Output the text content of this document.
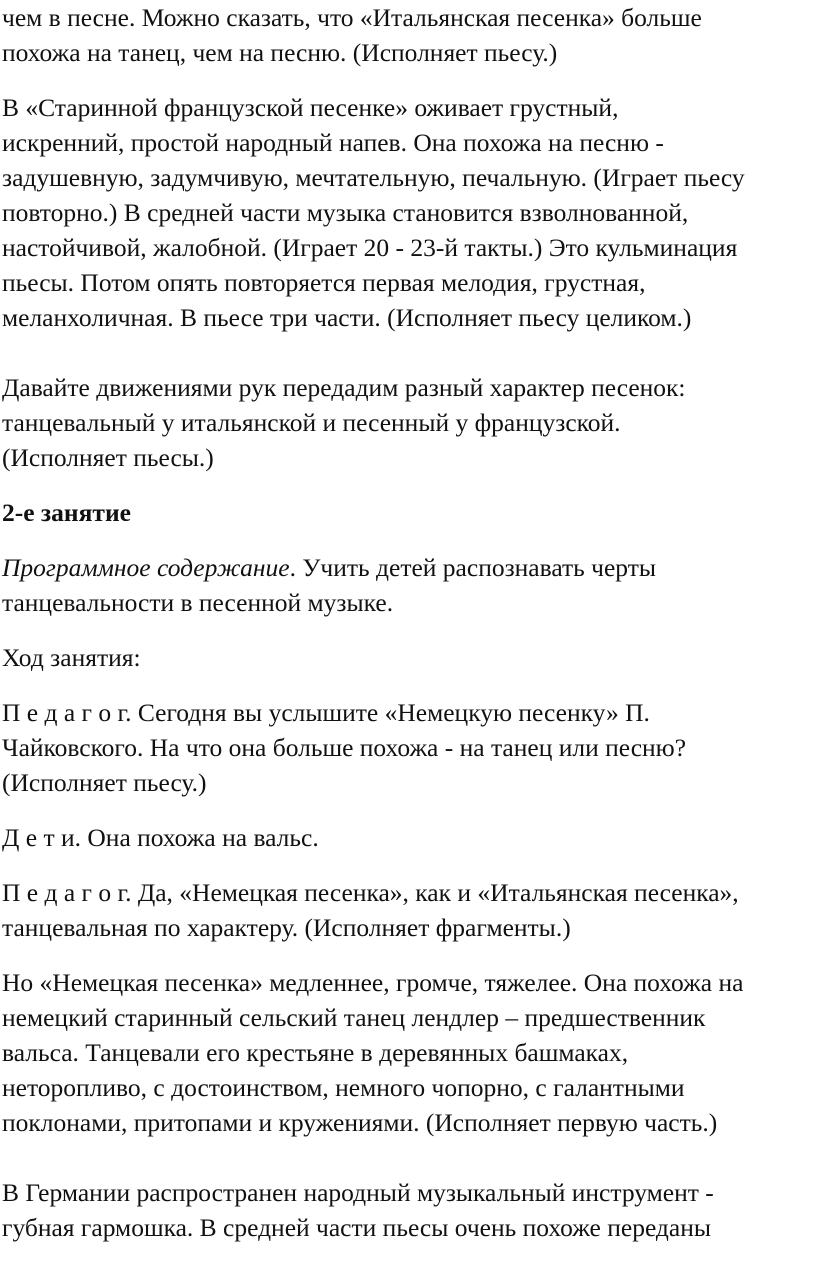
чем в песне. Можно сказать, что «Итальянская песенка» больше
похожа на танец, чем на песню. (Исполняет пьесу.)
В «Старинной французской песенке» оживает грустный,
искренний, простой народный напев. Она похожа на песню -
задушевную, задумчивую, мечтательную, печальную. (Играет пьесу
повторно.) В средней части музыка становится взволнованной,
настойчивой, жалобной. (Играет 20 - 23-й такты.) Это кульминация
пьесы. Потом опять повторяется первая мелодия, грустная,
меланхоличная. В пьесе три части. (Исполняет пьесу целиком.)
Давайте движениями рук передадим разный характер песенок:
танцевальный у итальянской и песенный у французской.
(Исполняет пьесы.)
2-е занятие
Программное содержание. Учить детей распознавать черты
танцевальности в песенной музыке.
Ход занятия:
П е д а г о г. Сегодня вы услышите «Немецкую песенку» П.
Чайковского. На что она больше похожа - на танец или песню?
(Исполняет пьесу.)
Д е т и. Она похожа на вальс.
П е д а г о г. Да, «Немецкая песенка», как и «Итальянская песенка»,
танцевальная по характеру. (Исполняет фрагменты.)
Но «Немецкая песенка» медленнее, громче, тяжелее. Она похожа на
немецкий старинный сельский танец лендлер – предшественник
вальса. Танцевали его крестьяне в деревянных башмаках,
неторопливо, с достоинством, немного чопорно, с галантными
поклонами, притопами и кружениями. (Исполняет первую часть.)
В Германии распространен народный музыкальный инструмент -
губная гармошка. В средней части пьесы очень похоже переданы
